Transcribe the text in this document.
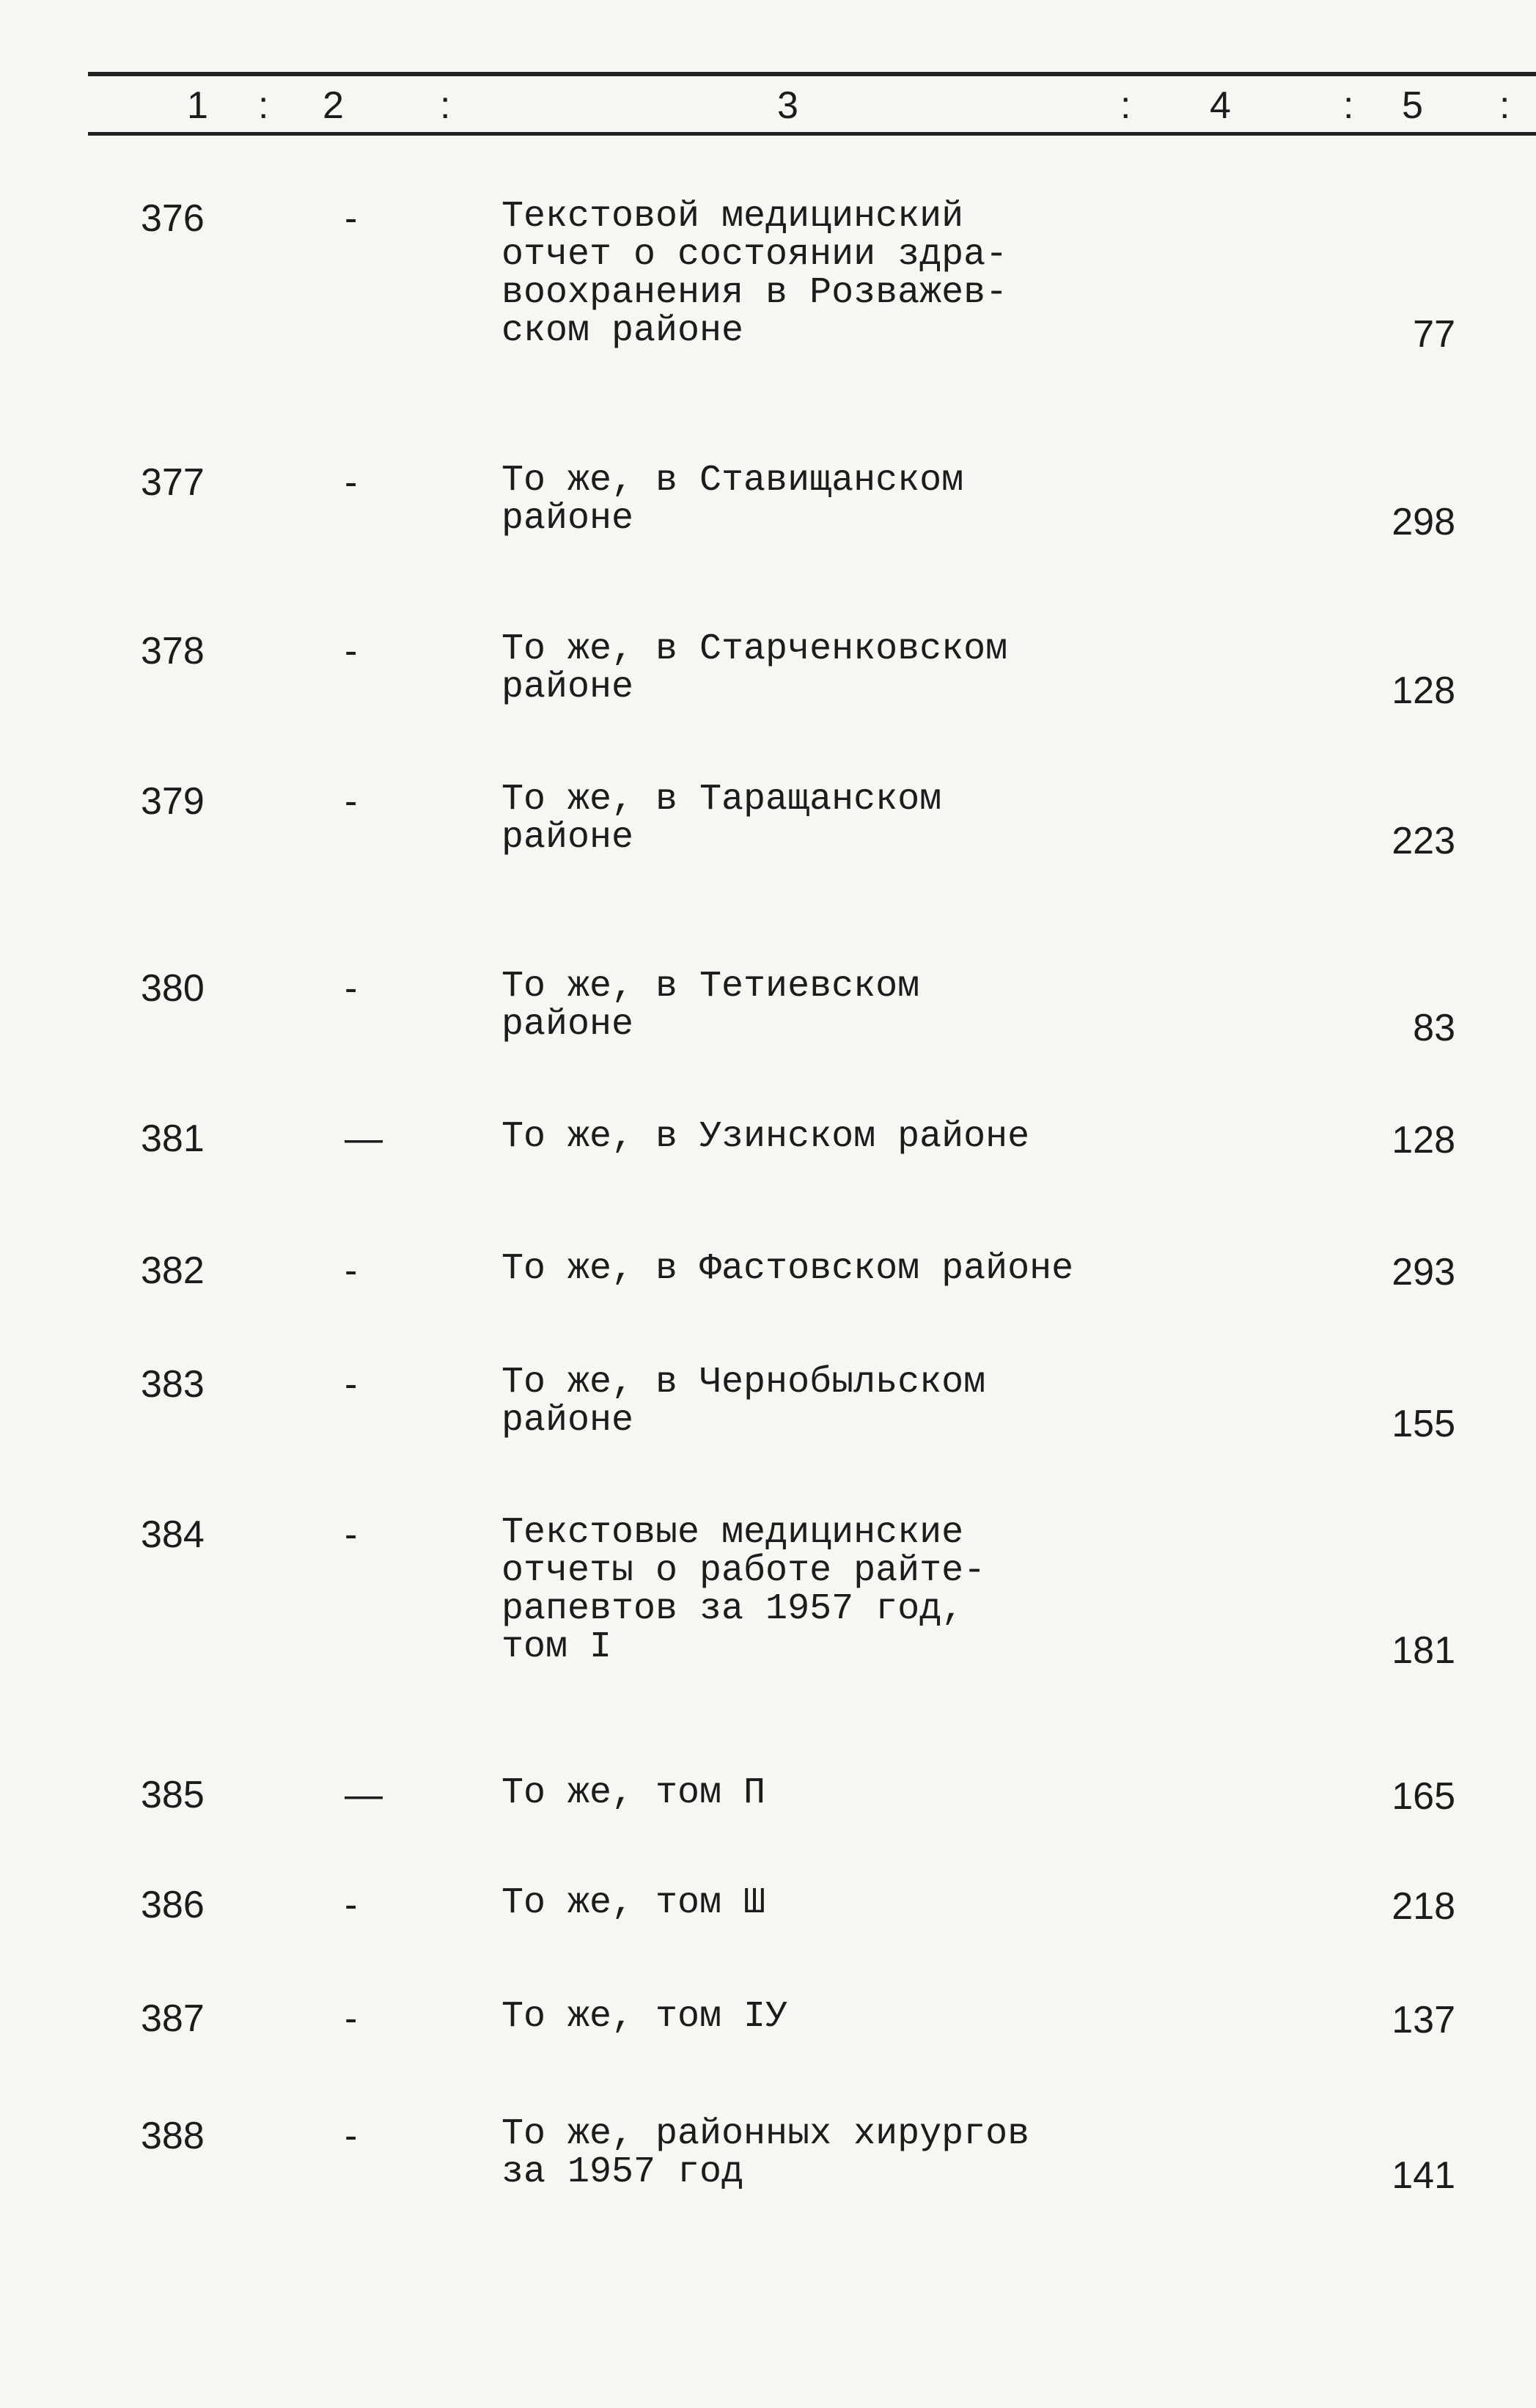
1 : 2	:	3	: 4	: 5 :
376	-	Текстовой медицинский
отчет о состоянии здра-
воохранения в Розважев-
ском районе	77
377	-	То же, в Ставищанском
районе	298
378	-	То же, в Старченковском
районе	128
379	-	То же, в Таращанском
районе	223
380	-	То же, в Тетиевском
районе	83
381	—	То же, в Узинском районе	128
382	-	То же, в Фастовском районе	293
383	-	То же, в Чернобыльском
районе	155
384	-	Текстовые медицинские
отчеты о работе райте-
рапевтов за 1957 год,
том I	181
385	—	То же, том П	165
386	-	То же, том Ш	218
387	-	То же, том IУ	137
388	-	То же, районных хирургов
за 1957 год	141
